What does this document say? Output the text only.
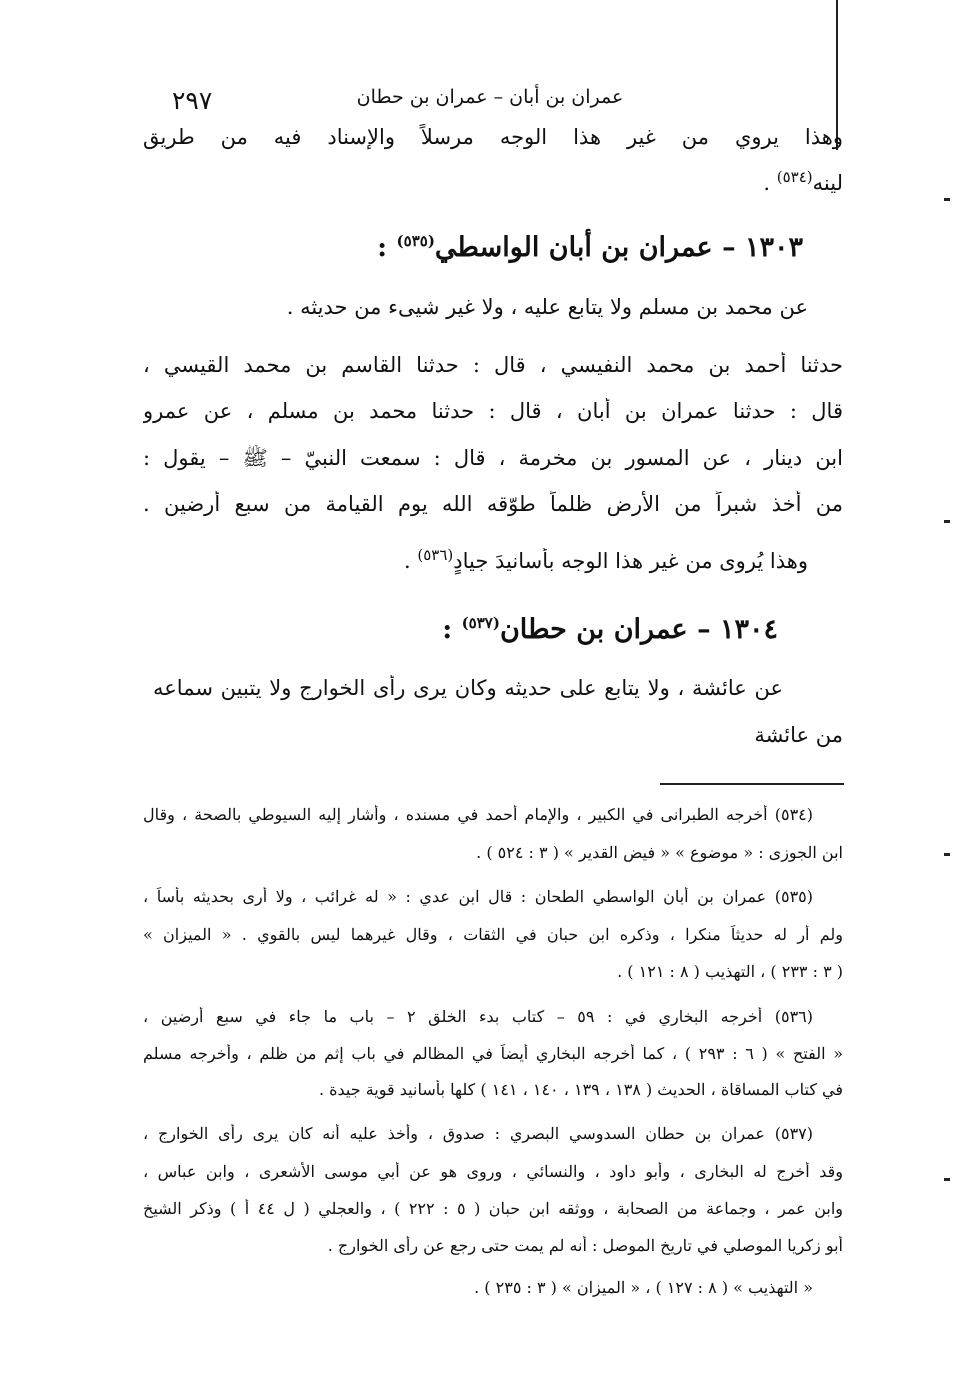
٢٩٧	عمران بن أبان – عمران بن حطان
وهذا يروي من غير هذا الوجه مرسلاً والإسناد فيه من طريق
لينه$^{(٥٣٤)}$ .
١٣٠٣ – عمران بن أبان الواسطي$^{(٥٣٥)}$ :
عن محمد بن مسلم ولا يتابع عليه ، ولا غير شيىء من حديثه .
حدثنا أحمد بن محمد النفيسي ، قال : حدثنا القاسم بن محمد القيسي ،
قال : حدثنا عمران بن أبان ، قال : حدثنا محمد بن مسلم ، عن عمرو
ابن دينار ، عن المسور بن مخرمة ، قال : سمعت النبيّ – ﷺ – يقول :
من أخذ شبراً من الأرض ظلماً طوّقه الله يوم القيامة من سبع أرضين .
وهذا يُروى من غير هذا الوجه بأسانيدَ جيادٍ$^{(٥٣٦)}$ .
١٣٠٤ – عمران بن حطان$^{(٥٣٧)}$ :
عن عائشة ، ولا يتابع على حديثه وكان يرى رأى الخوارج ولا يتبين سماعه
من عائشة
(٥٣٤) أخرجه الطبرانى في الكبير ، والإمام أحمد في مسنده ، وأشار إليه السيوطي بالصحة ، وقال
ابن الجوزى : « موضوع » « فيض القدير » ( ٣ : ٥٢٤ ) .
(٥٣٥) عمران بن أبان الواسطي الطحان : قال ابن عدي : « له غرائب ، ولا أرى بحديثه بأساً ،
ولم أر له حديثاً منكرا ، وذكره ابن حبان في الثقات ، وقال غيرهما ليس بالقوي . « الميزان »
( ٣ : ٢٣٣ ) ، التهذيب ( ٨ : ١٢١ ) .
(٥٣٦) أخرجه البخاري في : ٥٩ – كتاب بدء الخلق ٢ – باب ما جاء في سبع أرضين ،
« الفتح » ( ٦ : ٢٩٣ ) ، كما أخرجه البخاري أيضاً في المظالم في باب إثم من ظلم ، وأخرجه مسلم
في كتاب المساقاة ، الحديث ( ١٣٨ ، ١٣٩ ، ١٤٠ ، ١٤١ ) كلها بأسانيد قوية جيدة .
(٥٣٧) عمران بن حطان السدوسي البصري : صدوق ، وأخذ عليه أنه كان يرى رأى الخوارج ،
وقد أخرج له البخارى ، وأبو داود ، والنسائي ، وروى هو عن أبي موسى الأشعرى ، وابن عباس ،
وابن عمر ، وجماعة من الصحابة ، ووثقه ابن حبان ( ٥ : ٢٢٢ ) ، والعجلي ( ل ٤٤ أ ) وذكر الشيخ
أبو زكريا الموصلي في تاريخ الموصل : أنه لم يمت حتى رجع عن رأى الخوارج .
« التهذيب » ( ٨ : ١٢٧ ) ، « الميزان » ( ٣ : ٢٣٥ ) .
